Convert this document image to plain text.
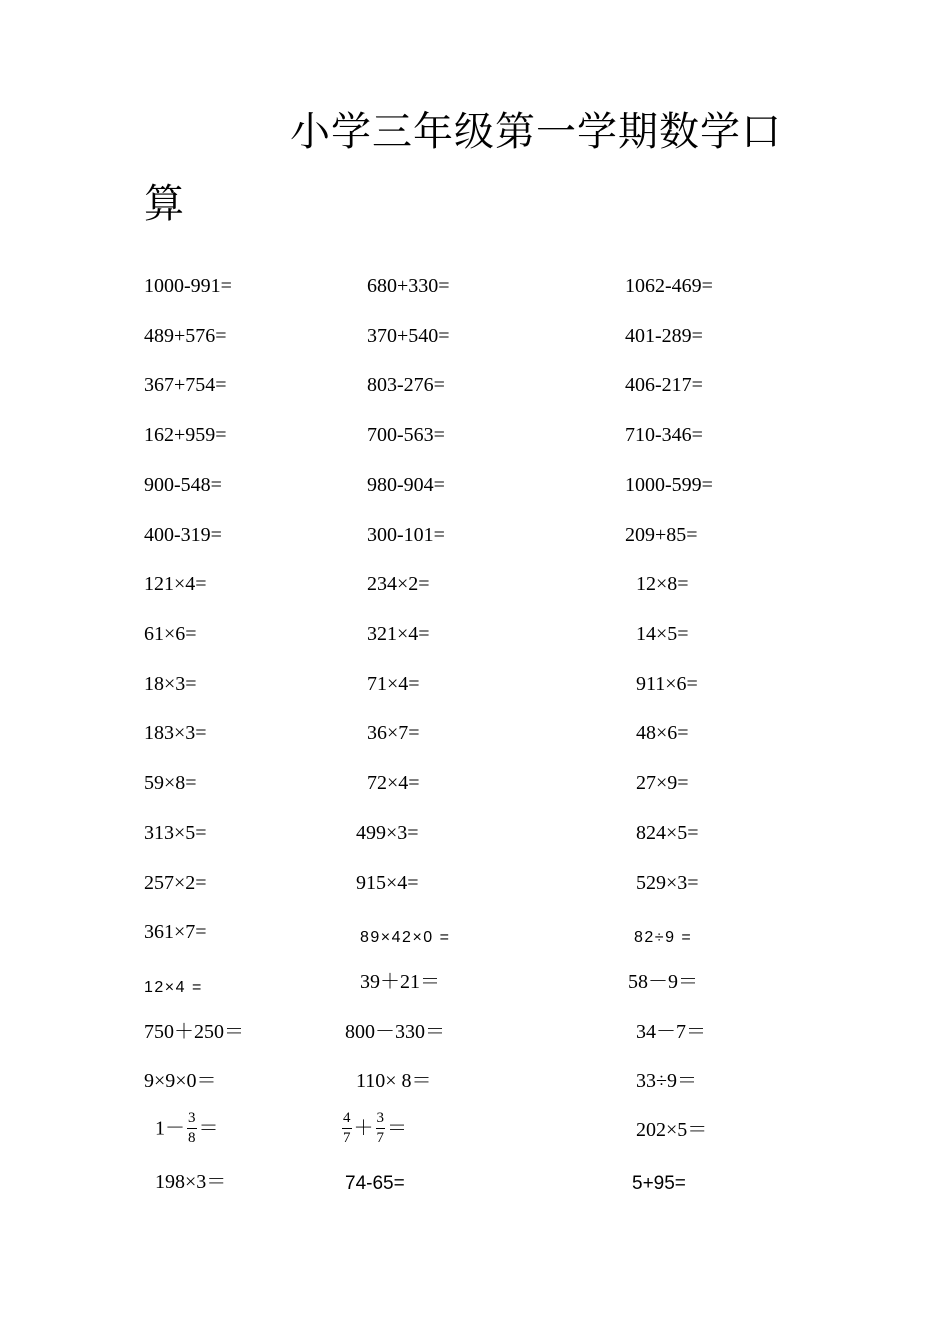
小学三年级第一学期数学口
算
1000-991=	680+330=	1062-469=
489+576=	370+540=	401-289=
367+754=	803-276=	406-217=
162+959=	700-563=	710-346=
900-548=	980-904=	1000-599=
400-319=	300-101=	209+85=
121×4=	234×2=	12×8=
61×6=	321×4=	14×5=
18×3=	71×4=	911×6=
183×3=	36×7=	48×6=
59×8=	72×4=	27×9=
313×5=	499×3=	824×5=
257×2=	915×4=	529×3=
361×7=	89×42×0 =	82÷9 =
12×4 =	39＋21＝	58－9＝
750＋250＝	800－330＝	34－7＝
9×9×0＝	110× 8＝	33÷9＝
$1- \frac{3}{8}$ ＝	$\frac{4}{7} + \frac{3}{7}$ ＝	202×5＝
198×3＝	74-65=	5+95=
